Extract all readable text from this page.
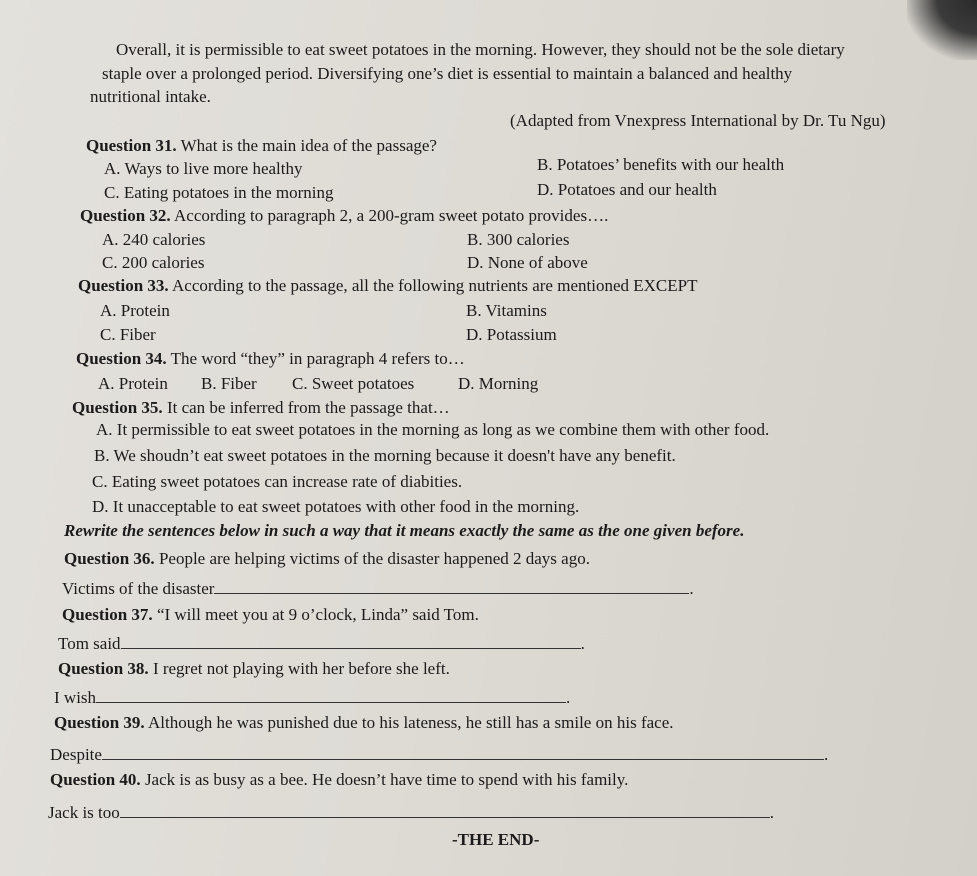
Overall, it is permissible to eat sweet potatoes in the morning. However, they should not be the sole dietary
staple over a prolonged period. Diversifying one’s diet is essential to maintain a balanced and healthy
nutritional intake.
(Adapted from Vnexpress International by Dr. Tu Ngu)
Question 31. What is the main idea of the passage?
A. Ways to live more healthy	B. Potatoes’ benefits with our health
C. Eating potatoes in the morning	D. Potatoes and our health
Question 32. According to paragraph 2, a 200-gram sweet potato provides….
A. 240 calories	B. 300 calories
C. 200 calories	D. None of above
Question 33. According to the passage, all the following nutrients are mentioned EXCEPT
A. Protein	B. Vitamins
C. Fiber	D. Potassium
Question 34. The word “they” in paragraph 4 refers to…
A. Protein B. Fiber C. Sweet potatoes	D. Morning
Question 35. It can be inferred from the passage that…
A. It permissible to eat sweet potatoes in the morning as long as we combine them with other food.
B. We shoudn’t eat sweet potatoes in the morning because it doesn't have any benefit.
C. Eating sweet potatoes can increase rate of diabities.
D. It unacceptable to eat sweet potatoes with other food in the morning.
Rewrite the sentences below in such a way that it means exactly the same as the one given before.
Question 36. People are helping victims of the disaster happened 2 days ago.
Victims of the disaster	.
Question 37. “I will meet you at 9 o’clock, Linda” said Tom.
Tom said	.
Question 38. I regret not playing with her before she left.
I wish	.
Question 39. Although he was punished due to his lateness, he still has a smile on his face.
Despite	.
Question 40. Jack is as busy as a bee. He doesn’t have time to spend with his family.
Jack is too	.
-THE END-
